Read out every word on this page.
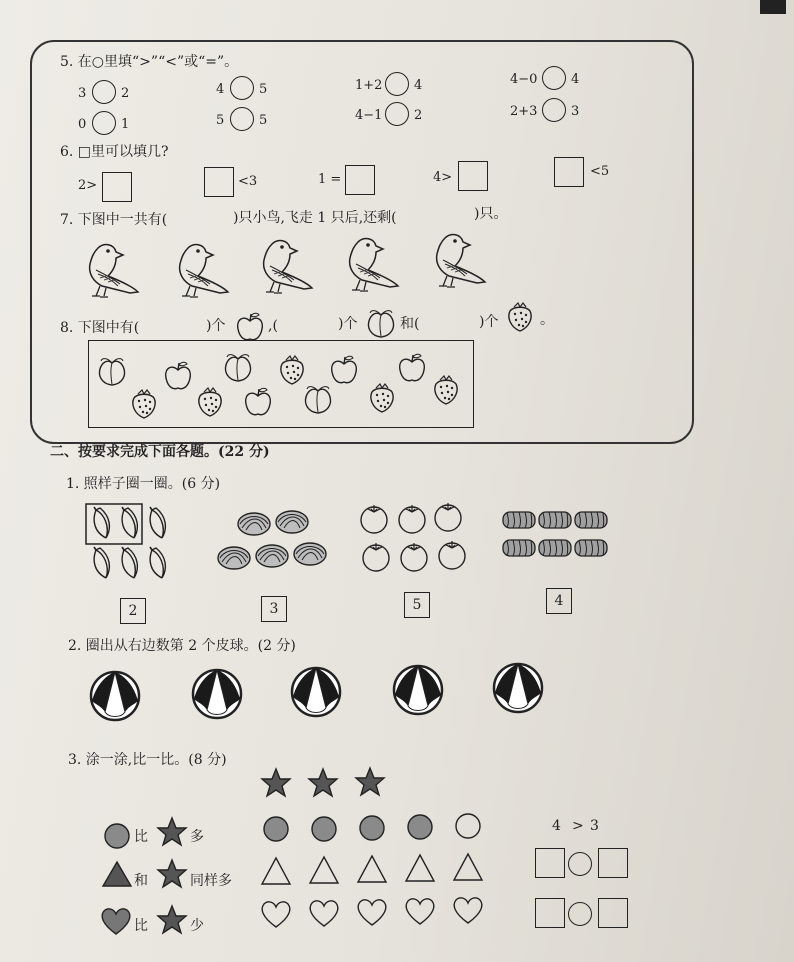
5. 在○里填“>”“<”或“=”。
3	2	4	5	1+2 4	4−0	4
0	1	5	5	4−1 2	2+3	3
6. □里可以填几?
2>	<3	1 =	4>	<5
7. 下图中一共有(	)只小鸟,飞走 1 只后,还剩(	)只。
8. 下图中有(	)个	,(	)个	和(	)个	。
二、按要求完成下面各题。(22 分)
1. 照样子圈一圈。(6 分)
2	3	5	4
2. 圈出从右边数第 2 个皮球。(2 分)
3. 涂一涂,比一比。(8 分)
比	多
和	同样多
比	少
4 > 3
